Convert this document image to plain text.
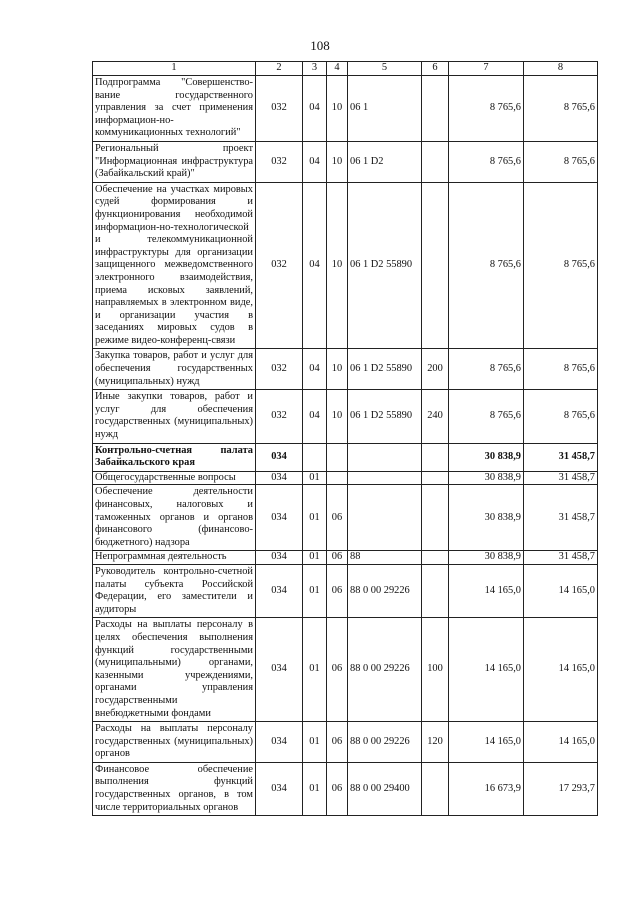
108
1	2	3	4	5	6	7	8
Подпрограмма "Совершенство-вание государственного управления за счет применения информацион-но-коммуникационных технологий"	032	04	10	06 1		8 765,6	8 765,6
Региональный проект "Информационная инфраструктура (Забайкальский край)"	032	04	10	06 1 D2		8 765,6	8 765,6
Обеспечение на участках мировых судей формирования и функционирования необходимой информацион-но-технологической и телекоммуникационной инфраструктуры для организации защищенного межведомственного электронного взаимодействия, приема исковых заявлений, направляемых в электронном виде, и организации участия в заседаниях мировых судов в режиме видео-конференц-связи	032	04	10	06 1 D2 55890		8 765,6	8 765,6
Закупка товаров, работ и услуг для обеспечения государственных (муниципальных) нужд	032	04	10	06 1 D2 55890	200	8 765,6	8 765,6
Иные закупки товаров, работ и услуг для обеспечения государственных (муниципальных) нужд	032	04	10	06 1 D2 55890	240	8 765,6	8 765,6
Контрольно-счетная палата Забайкальского края	034					30 838,9	31 458,7
Общегосударственные вопросы	034	01				30 838,9	31 458,7
Обеспечение деятельности финансовых, налоговых и таможенных органов и органов финансового (финансово-бюджетного) надзора	034	01	06			30 838,9	31 458,7
Непрограммная деятельность	034	01	06	88		30 838,9	31 458,7
Руководитель контрольно-счетной палаты субъекта Российской Федерации, его заместители и аудиторы	034	01	06	88 0 00 29226		14 165,0	14 165,0
Расходы на выплаты персоналу в целях обеспечения выполнения функций государственными (муниципальными) органами, казенными учреждениями, органами управления государственными внебюджетными фондами	034	01	06	88 0 00 29226	100	14 165,0	14 165,0
Расходы на выплаты персоналу государственных (муниципальных) органов	034	01	06	88 0 00 29226	120	14 165,0	14 165,0
Финансовое обеспечение выполнения функций государственных органов, в том числе территориальных органов	034	01	06	88 0 00 29400		16 673,9	17 293,7
